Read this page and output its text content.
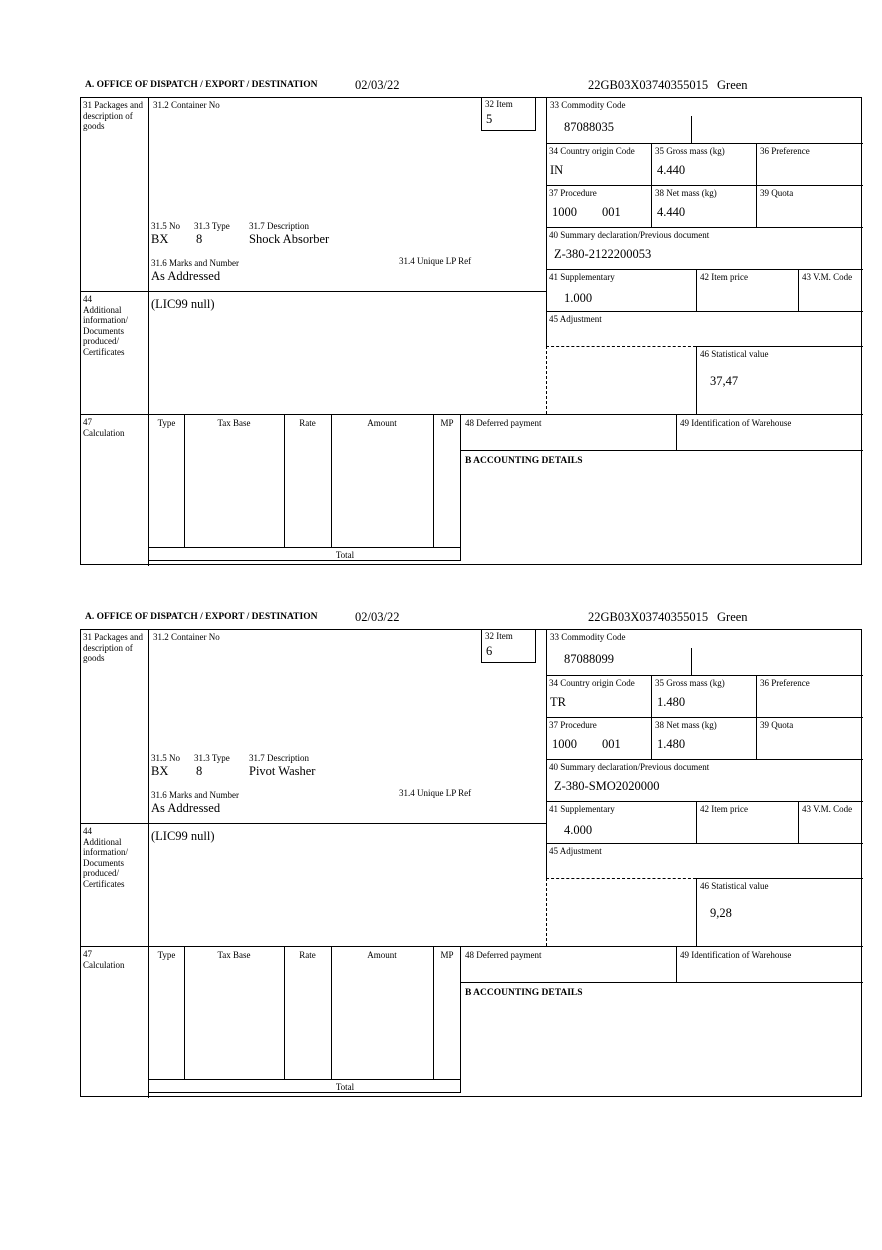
A. OFFICE OF DISPATCH / EXPORT / DESTINATION	02/03/22	22GB03X03740355015 Green
31 Packages and description of goods
44
Additional information/ Documents produced/ Certificates
47
Calculation
31.2 Container No	32 Item
5
31.5 No 31.3 Type 31.7 Description
BX 8	Shock Absorber
31.6 Marks and Number	31.4 Unique LP Ref
As Addressed
(LIC99 null)
33 Commodity Code
87088035
34 Country origin Code
IN
35 Gross mass (kg)
4.440
36 Preference
37 Procedure
1000 001
38 Net mass (kg)
4.440
39 Quota
40 Summary declaration/Previous document
Z-380-2122200053
41 Supplementary
1.000
42 Item price	43 V.M. Code
45 Adjustment
46 Statistical value
37,47
Type	Tax Base	Rate	Amount	MP
Total
48 Deferred payment	49 Identification of Warehouse
B ACCOUNTING DETAILS
A. OFFICE OF DISPATCH / EXPORT / DESTINATION	02/03/22	22GB03X03740355015 Green
31 Packages and description of goods
44
Additional information/ Documents produced/ Certificates
47
Calculation
31.2 Container No	32 Item
6
31.5 No 31.3 Type 31.7 Description
BX 8	Pivot Washer
31.6 Marks and Number	31.4 Unique LP Ref
As Addressed
(LIC99 null)
33 Commodity Code
87088099
34 Country origin Code
TR
35 Gross mass (kg)
1.480
36 Preference
37 Procedure
1000 001
38 Net mass (kg)
1.480
39 Quota
40 Summary declaration/Previous document
Z-380-SMO2020000
41 Supplementary
4.000
42 Item price	43 V.M. Code
45 Adjustment
46 Statistical value
9,28
Type	Tax Base	Rate	Amount	MP
Total
48 Deferred payment	49 Identification of Warehouse
B ACCOUNTING DETAILS
